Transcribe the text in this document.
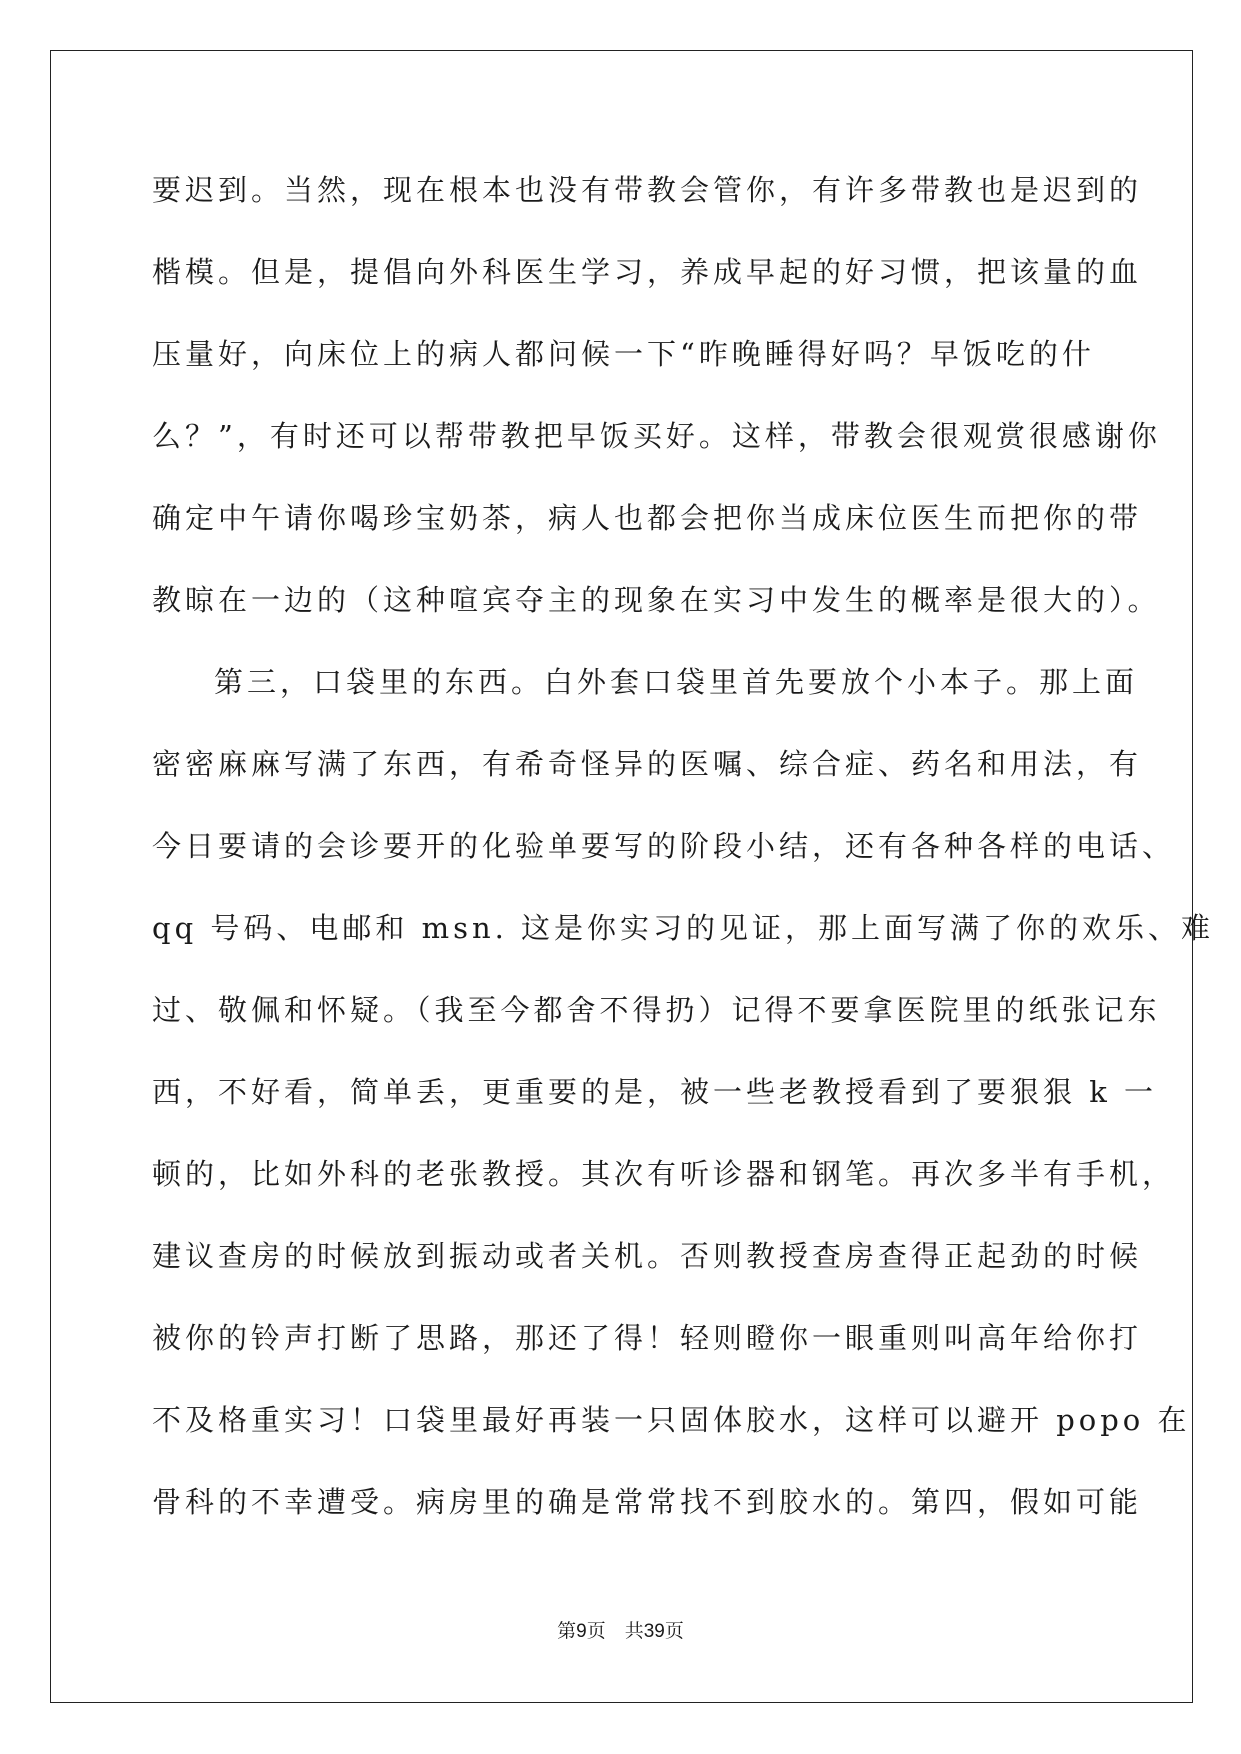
要迟到。当然，现在根本也没有带教会管你，有许多带教也是迟到的
楷模。但是，提倡向外科医生学习，养成早起的好习惯，把该量的血
压量好，向床位上的病人都问候一下“昨晚睡得好吗？早饭吃的什
么？”，有时还可以帮带教把早饭买好。这样，带教会很观赏很感谢你
确定中午请你喝珍宝奶茶，病人也都会把你当成床位医生而把你的带
教晾在一边的（这种喧宾夺主的现象在实习中发生的概率是很大的）。
第三，口袋里的东西。白外套口袋里首先要放个小本子。那上面
密密麻麻写满了东西，有希奇怪异的医嘱、综合症、药名和用法，有
今日要请的会诊要开的化验单要写的阶段小结，还有各种各样的电话、
qq 号码、电邮和 msn. 这是你实习的见证，那上面写满了你的欢乐、难
过、敬佩和怀疑。（我至今都舍不得扔）记得不要拿医院里的纸张记东
西，不好看，简单丢，更重要的是，被一些老教授看到了要狠狠 k 一
顿的，比如外科的老张教授。其次有听诊器和钢笔。再次多半有手机，
建议查房的时候放到振动或者关机。否则教授查房查得正起劲的时候
被你的铃声打断了思路，那还了得！轻则瞪你一眼重则叫高年给你打
不及格重实习！口袋里最好再装一只固体胶水，这样可以避开 popo 在
骨科的不幸遭受。病房里的确是常常找不到胶水的。第四，假如可能
第9页 共39页
